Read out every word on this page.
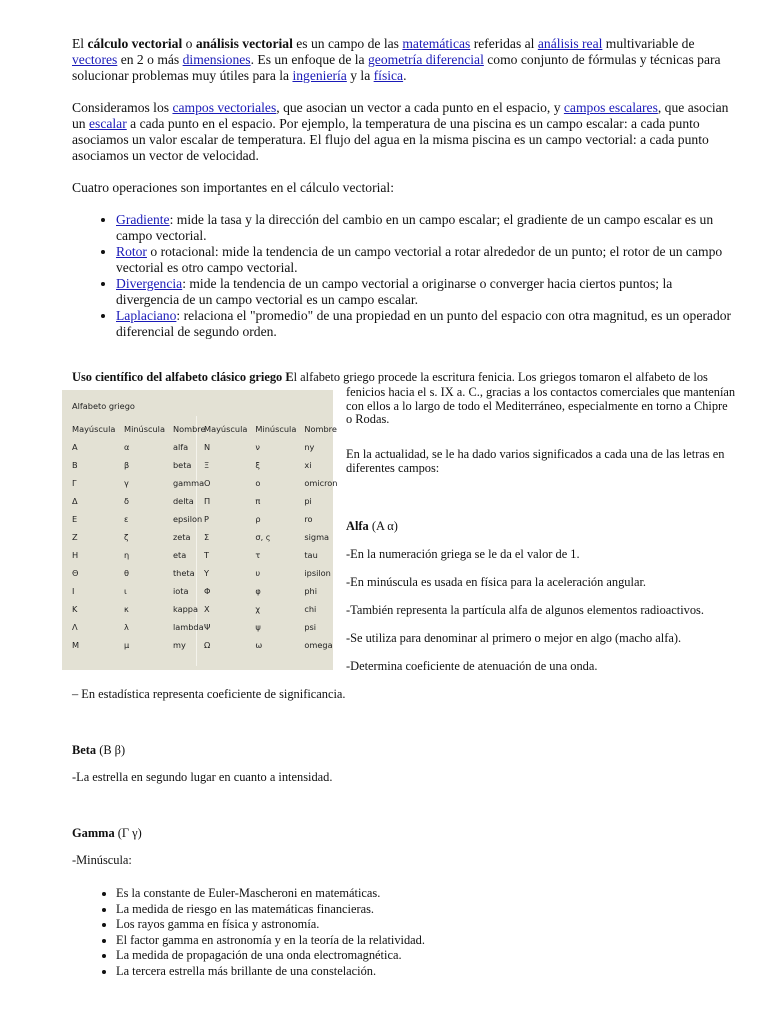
El cálculo vectorial o análisis vectorial es un campo de las matemáticas referidas al análisis real multivariable de vectores en 2 o más dimensiones. Es un enfoque de la geometría diferencial como conjunto de fórmulas y técnicas para solucionar problemas muy útiles para la ingeniería y la física.

Consideramos los campos vectoriales, que asocian un vector a cada punto en el espacio, y campos escalares, que asocian un escalar a cada punto en el espacio. Por ejemplo, la temperatura de una piscina es un campo escalar: a cada punto asociamos un valor escalar de temperatura. El flujo del agua en la misma piscina es un campo vectorial: a cada punto asociamos un vector de velocidad.

Cuatro operaciones son importantes en el cálculo vectorial:

• Gradiente: mide la tasa y la dirección del cambio en un campo escalar; el gradiente de un campo escalar es un campo vectorial.
• Rotor o rotacional: mide la tendencia de un campo vectorial a rotar alrededor de un punto; el rotor de un campo vectorial es otro campo vectorial.
• Divergencia: mide la tendencia de un campo vectorial a originarse o converger hacia ciertos puntos; la divergencia de un campo vectorial es un campo escalar.
• Laplaciano: relaciona el "promedio" de una propiedad en un punto del espacio con otra magnitud, es un operador diferencial de segundo orden.
Uso científico del alfabeto clásico griego El alfabeto griego procede la escritura fenicia. Los griegos tomaron el alfabeto de los
fenicios hacia el s. IX a. C., gracias a los contactos comerciales que mantenían con ellos a lo largo de todo el Mediterráneo, especialmente en torno a Chipre o Rodas.
Alfabeto griego
Mayúscula	Minúscula	Nombre
Α	α	alfa
Β	β	beta
Γ	γ	gamma
Δ	δ	delta
Ε	ε	epsilon
Ζ	ζ	zeta
Η	η	eta
Θ	θ	theta
Ι	ι	iota
Κ	κ	kappa
Λ	λ	lambda
Μ	μ	my
Mayúscula	Minúscula	Nombre
Ν	ν	ny
Ξ	ξ	xi
Ο	ο	omicron
Π	π	pi
Ρ	ρ	ro
Σ	σ, ς	sigma
Τ	τ	tau
Υ	υ	ipsilon
Φ	φ	phi
Χ	χ	chi
Ψ	ψ	psi
Ω	ω	omega
En la actualidad, se le ha dado varios significados a cada una de las letras en diferentes campos:
Alfa (Α α)
-En la numeración griega se le da el valor de 1.
-En minúscula es usada en física para la aceleración angular.
-También representa la partícula alfa de algunos elementos radioactivos.
-Se utiliza para denominar al primero o mejor en algo (macho alfa).
-Determina coeficiente de atenuación de una onda.
– En estadística representa coeficiente de significancia.
Beta (Β β)
-La estrella en segundo lugar en cuanto a intensidad.
Gamma (Γ γ)
-Minúscula:
• Es la constante de Euler-Mascheroni en matemáticas.
• La medida de riesgo en las matemáticas financieras.
• Los rayos gamma en física y astronomía.
• El factor gamma en astronomía y en la teoría de la relatividad.
• La medida de propagación de una onda electromagnética.
• La tercera estrella más brillante de una constelación.
